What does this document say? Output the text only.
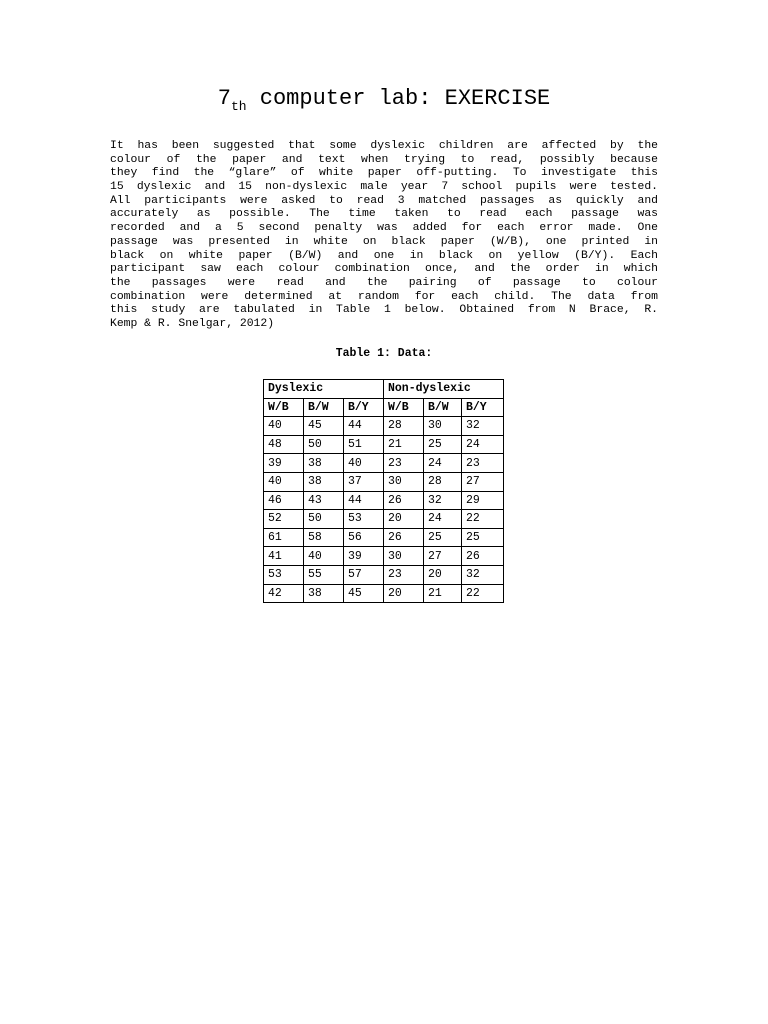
$7_{th}$ computer lab: EXERCISE
It has been suggested that some dyslexic children are affected by the
colour of the paper and text when trying to read, possibly because
they find the “glare” of white paper off-putting. To investigate this
15 dyslexic and 15 non-dyslexic male year 7 school pupils were tested.
All participants were asked to read 3 matched passages as quickly and
accurately as possible. The time taken to read each passage was
recorded and a 5 second penalty was added for each error made. One
passage was presented in white on black paper (W/B), one printed in
black on white paper (B/W) and one in black on yellow (B/Y). Each
participant saw each colour combination once, and the order in which
the passages were read and the pairing of passage to colour
combination were determined at random for each child. The data from
this study are tabulated in Table 1 below. Obtained from N Brace, R.
Kemp & R. Snelgar, 2012)
Table 1: Data:
Dyslexic			Non-dyslexic		
W/B	B/W	B/Y	W/B	B/W	B/Y
40	45	44	28	30	32
48	50	51	21	25	24
39	38	40	23	24	23
40	38	37	30	28	27
46	43	44	26	32	29
52	50	53	20	24	22
61	58	56	26	25	25
41	40	39	30	27	26
53	55	57	23	20	32
42	38	45	20	21	22
